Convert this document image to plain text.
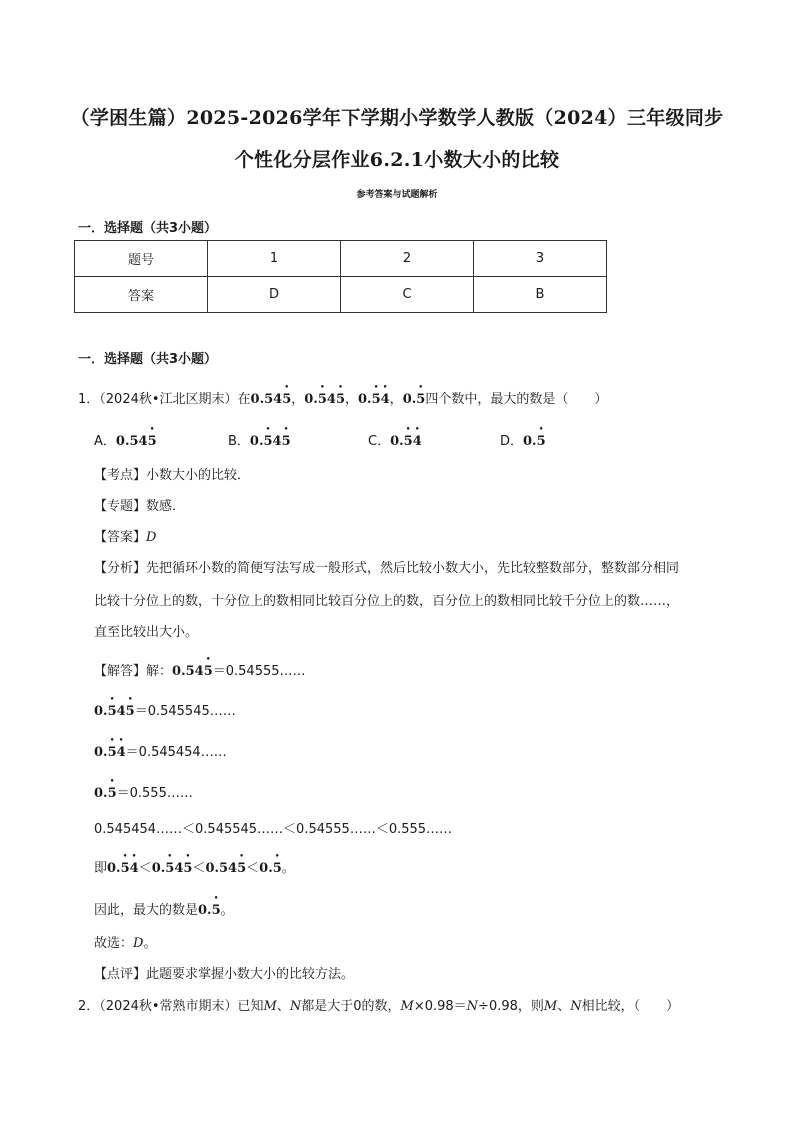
（学困生篇）2025-2026学年下学期小学数学人教版（2024）三年级同步
个性化分层作业6.2.1小数大小的比较
参考答案与试题解析
一．选择题（共3小题）
题号	1	2	3
答案	D	C	B
一．选择题（共3小题）
1．（2024秋•江北区期末）在0.54• 5，0.• 54• 5，0.• 5• 4，0.• 5四个数中，最大的数是（　　）
A．0.54• 5	B．0.• 54• 5	C．0.• 5• 4	D．0.• 5
【考点】小数大小的比较．
【专题】数感．
【答案】D
【分析】先把循环小数的简便写法写成一般形式，然后比较小数大小，先比较整数部分，整数部分相同
比较十分位上的数，十分位上的数相同比较百分位上的数，百分位上的数相同比较千分位上的数……，
直至比较出大小。
【解答】解：0.54• 5＝0.54555……
0.• 54• 5＝0.545545……
0.• 5• 4＝0.545454……
0.• 5＝0.555……
0.545454……＜0.545545……＜0.54555……＜0.555……
即0.• 5• 4＜0.• 54• 5＜0.54• 5＜0.• 5。
因此，最大的数是0.• 5。
故选：D。
【点评】此题要求掌握小数大小的比较方法。
2．（2024秋•常熟市期末）已知M、N都是大于0的数，M×0.98＝N÷0.98，则M、N相比较，（　　）
